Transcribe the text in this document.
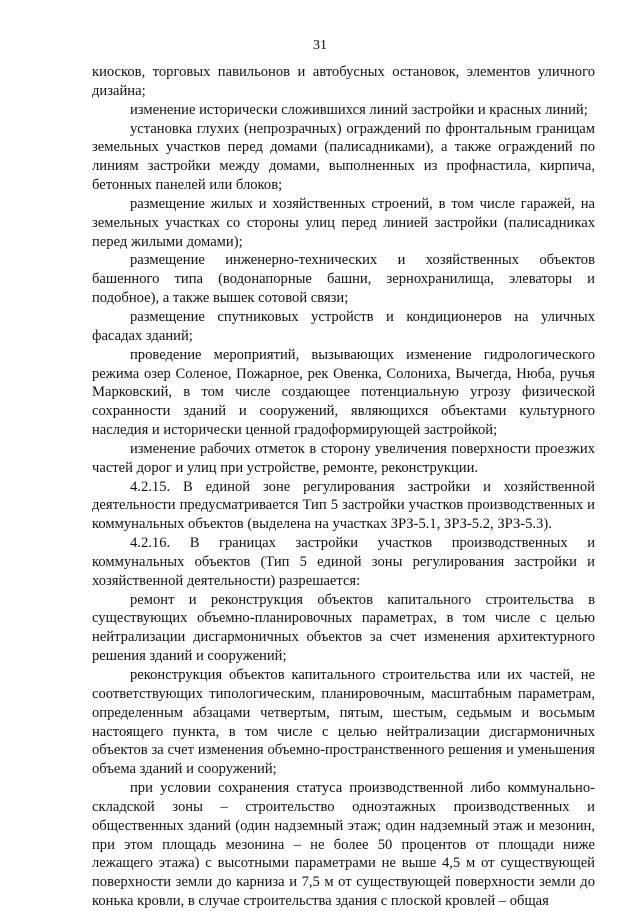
31

киосков, торговых павильонов и автобусных остановок, элементов уличного дизайна;

изменение исторически сложившихся линий застройки и красных линий;

установка глухих (непрозрачных) ограждений по фронтальным границам земельных участков перед домами (палисадниками), а также ограждений по линиям застройки между домами, выполненных из профнастила, кирпича, бетонных панелей или блоков;

размещение жилых и хозяйственных строений, в том числе гаражей, на земельных участках со стороны улиц перед линией застройки (палисадниках перед жилыми домами);

размещение инженерно-технических и хозяйственных объектов башенного типа (водонапорные башни, зернохранилища, элеваторы и подобное), а также вышек сотовой связи;

размещение спутниковых устройств и кондиционеров на уличных фасадах зданий;

проведение мероприятий, вызывающих изменение гидрологического режима озер Соленое, Пожарное, рек Овенка, Солониха, Вычегда, Нюба, ручья Марковский, в том числе создающее потенциальную угрозу физической сохранности зданий и сооружений, являющихся объектами культурного наследия и исторически ценной градоформирующей застройкой;

изменение рабочих отметок в сторону увеличения поверхности проезжих частей дорог и улиц при устройстве, ремонте, реконструкции.

4.2.15. В единой зоне регулирования застройки и хозяйственной деятельности предусматривается Тип 5 застройки участков производственных и коммунальных объектов (выделена на участках ЗРЗ-5.1, ЗРЗ-5.2, ЗРЗ-5.3).

4.2.16. В границах застройки участков производственных и коммунальных объектов (Тип 5 единой зоны регулирования застройки и хозяйственной деятельности) разрешается:

ремонт и реконструкция объектов капитального строительства в существующих объемно-планировочных параметрах, в том числе с целью нейтрализации дисгармоничных объектов за счет изменения архитектурного решения зданий и сооружений;

реконструкция объектов капитального строительства или их частей, не соответствующих типологическим, планировочным, масштабным параметрам, определенным абзацами четвертым, пятым, шестым, седьмым и восьмым настоящего пункта, в том числе с целью нейтрализации дисгармоничных объектов за счет изменения объемно-пространственного решения и уменьшения объема зданий и сооружений;

при условии сохранения статуса производственной либо коммунально-складской зоны – строительство одноэтажных производственных и общественных зданий (один надземный этаж; один надземный этаж и мезонин, при этом площадь мезонина – не более 50 процентов от площади ниже лежащего этажа) с высотными параметрами не выше 4,5 м от существующей поверхности земли до карниза и 7,5 м от существующей поверхности земли до конька кровли, в случае строительства здания с плоской кровлей – общая
